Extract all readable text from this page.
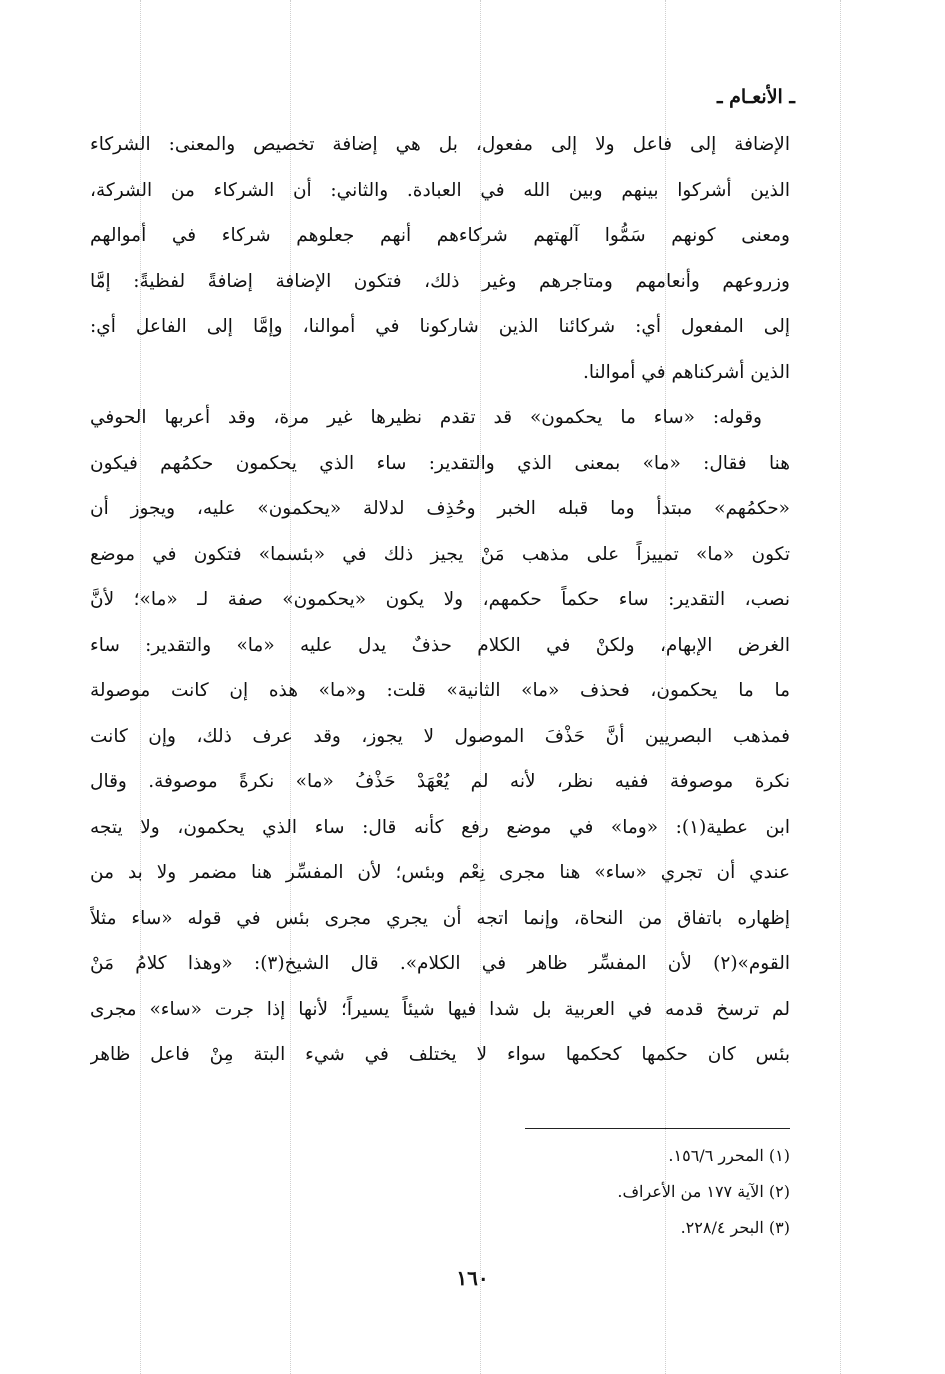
ـ الأنعـام ـ
الإضافة إلى فاعل ولا إلى مفعول، بل هي إضافة تخصيص والمعنى: الشركاء
الذين أشركوا بينهم وبين الله في العبادة. والثاني: أن الشركاء من الشركة،
ومعنى كونهم سَمُّوا آلهتهم شركاءهم أنهم جعلوهم شركاء في أموالهم
وزروعهم وأنعامهم ومتاجرهم وغير ذلك، فتكون الإضافة إضافةً لفظيةً: إمَّا
إلى المفعول أي: شركائنا الذين شاركونا في أموالنا، وإمَّا إلى الفاعل أي:
الذين أشركناهم في أموالنا.
وقوله: «ساء ما يحكمون» قد تقدم نظيرها غير مرة، وقد أعربها الحوفي
هنا فقال: «ما» بمعنى الذي والتقدير: ساء الذي يحكمون حكمُهم فيكون
«حكمُهم» مبتدأ وما قبله الخبر وحُذِف لدلالة «يحكمون» عليه، ويجوز أن
تكون «ما» تمييزاً على مذهب مَنْ يجيز ذلك في «بئسما» فتكون في موضع
نصب، التقدير: ساء حكماً حكمهم، ولا يكون «يحكمون» صفة لـ «ما»؛ لأنَّ
الغرض الإبهام، ولكنْ في الكلام حذفٌ يدل عليه «ما» والتقدير: ساء
ما ما يحكمون، فحذف «ما» الثانية» قلت: و«ما» هذه إن كانت موصولة
فمذهب البصريين أنَّ حَذْفَ الموصول لا يجوز، وقد عرف ذلك، وإن كانت
نكرة موصوفة ففيه نظر، لأنه لم يُعْهَدْ حَذْفُ «ما» نكرةً موصوفة. وقال
ابن عطية(١): «وما» في موضع رفع كأنه قال: ساء الذي يحكمون، ولا يتجه
عندي أن تجري «ساء» هنا مجرى نِعْم وبئس؛ لأن المفسِّر هنا مضمر ولا بد من
إظهاره باتفاق من النحاة، وإنما اتجه أن يجري مجرى بئس في قوله «ساء مثلاً
القوم»(٢) لأن المفسِّر ظاهر في الكلام». قال الشيخ(٣): «وهذا كلامُ مَنْ
لم ترسخ قدمه في العربية بل شدا فيها شيئاً يسيراً؛ لأنها إذا جرت «ساء» مجرى
بئس كان حكمها كحكمها سواء لا يختلف في شيء البتة مِنْ فاعل ظاهر
(١) المحرر ١٥٦/٦.
(٢) الآية ١٧٧ من الأعراف.
(٣) البحر ٢٢٨/٤.
١٦٠
